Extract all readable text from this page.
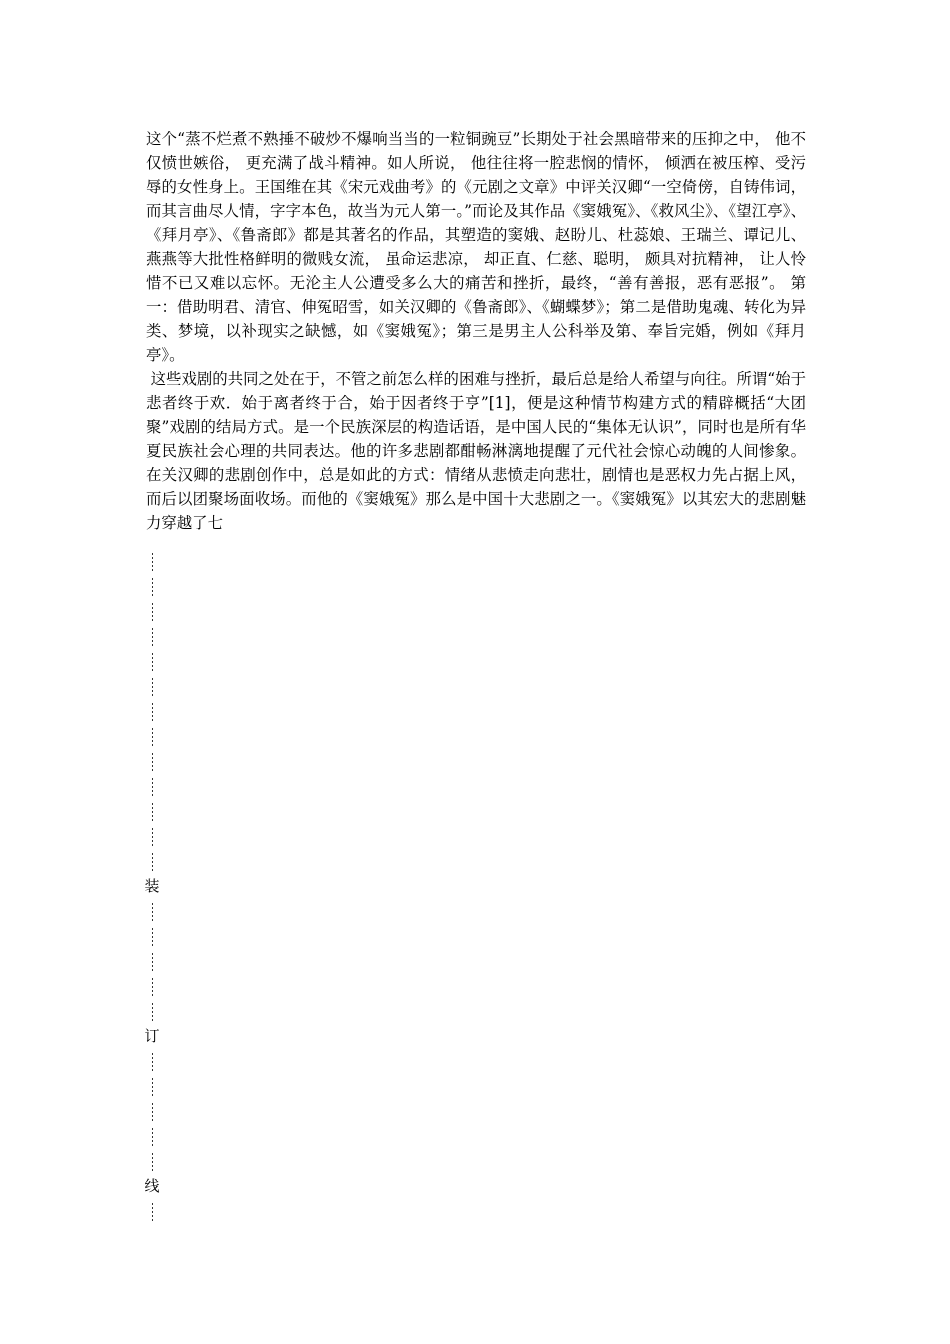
这个“蒸不烂煮不熟捶不破炒不爆响当当的一粒铜豌豆”长期处于社会黑暗带来的压抑之中， 他不仅愤世嫉俗， 更充满了战斗精神。如人所说， 他往往将一腔悲悯的情怀， 倾洒在被压榨、受污辱的女性身上。王国维在其《宋元戏曲考》的《元剧之文章》中评关汉卿“一空倚傍，自铸伟词，而其言曲尽人情，字字本色，故当为元人第一。”而论及其作品《窦娥冤》、《救风尘》、《望江亭》、《拜月亭》、《鲁斋郎》都是其著名的作品，其塑造的窦娥、赵盼儿、杜蕊娘、王瑞兰、谭记儿、燕燕等大批性格鲜明的微贱女流， 虽命运悲凉， 却正直、仁慈、聪明， 颇具对抗精神， 让人怜惜不已又难以忘怀。无沦主人公遭受多么大的痛苦和挫折，最终，“善有善报，恶有恶报”。 第一：借助明君、清官、伸冤昭雪，如关汉卿的《鲁斋郎》、《蝴蝶梦》；第二是借助鬼魂、转化为异类、梦境，以补现实之缺憾，如《窦娥冤》；第三是男主人公科举及第、奉旨完婚，例如《拜月亭》。

这些戏剧的共同之处在于，不管之前怎么样的困难与挫折，最后总是给人希望与向往。所谓“始于悲者终于欢．始于离者终于合，始于因者终于亨”[1]，便是这种情节构建方式的精辟概括“大团聚”戏剧的结局方式。是一个民族深层的构造话语，是中国人民的“集体无认识”，同时也是所有华夏民族社会心理的共同表达。他的许多悲剧都酣畅淋漓地提醒了元代社会惊心动魄的人间惨象。在关汉卿的悲剧创作中，总是如此的方式：情绪从悲愤走向悲壮，剧情也是恶权力先占据上风，而后以团聚场面收场。而他的《窦娥冤》那么是中国十大悲剧之一。《窦娥冤》以其宏大的悲剧魅力穿越了七

装
订
线
